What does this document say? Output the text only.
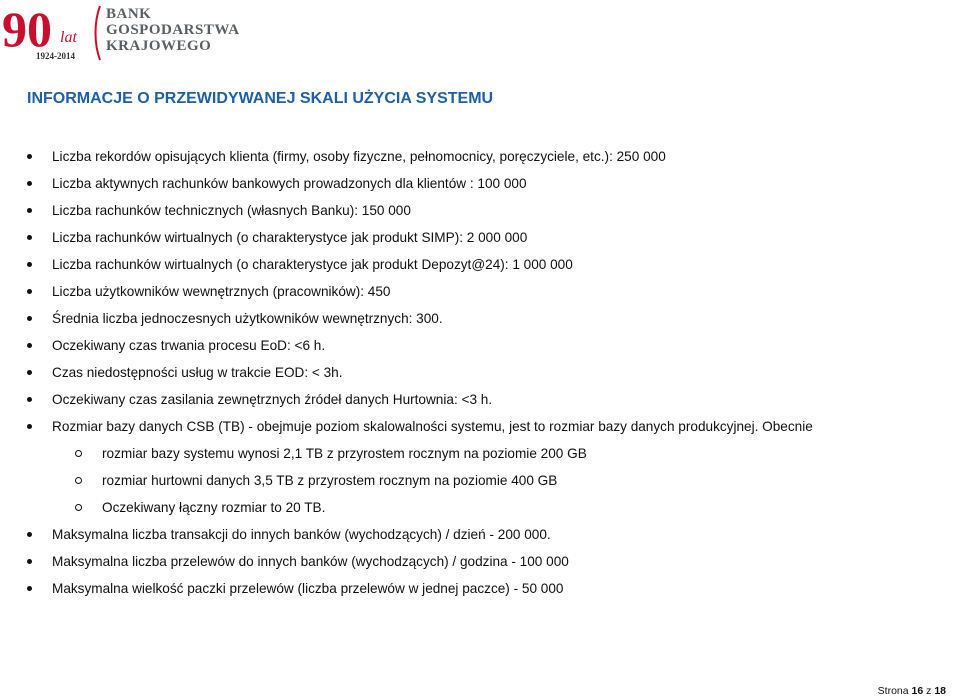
90 lat
1924-2014
BANK
GOSPODARSTWA
KRAJOWEGO
INFORMACJE O PRZEWIDYWANEJ SKALI UŻYCIA SYSTEMU
Liczba rekordów opisujących klienta (firmy, osoby fizyczne, pełnomocnicy, poręczyciele, etc.): 250 000
Liczba aktywnych rachunków bankowych prowadzonych dla klientów : 100 000
Liczba rachunków technicznych (własnych Banku): 150 000
Liczba rachunków wirtualnych (o charakterystyce jak produkt SIMP): 2 000 000
Liczba rachunków wirtualnych (o charakterystyce jak produkt Depozyt@24): 1 000 000
Liczba użytkowników wewnętrznych (pracowników): 450
Średnia liczba jednoczesnych użytkowników wewnętrznych: 300.
Oczekiwany czas trwania procesu EoD: <6 h.
Czas niedostępności usług w trakcie EOD: < 3h.
Oczekiwany czas zasilania zewnętrznych źródeł danych Hurtownia: <3 h.
Rozmiar bazy danych CSB (TB) - obejmuje poziom skalowalności systemu, jest to rozmiar bazy danych produkcyjnej. Obecnie
rozmiar bazy systemu wynosi 2,1 TB z przyrostem rocznym na poziomie 200 GB
rozmiar hurtowni danych 3,5 TB z przyrostem rocznym na poziomie 400 GB
Oczekiwany łączny rozmiar to 20 TB.
Maksymalna liczba transakcji do innych banków (wychodzących) / dzień - 200 000.
Maksymalna liczba przelewów do innych banków (wychodzących) / godzina - 100 000
Maksymalna wielkość paczki przelewów (liczba przelewów w jednej paczce) - 50 000
Strona 16 z 18
